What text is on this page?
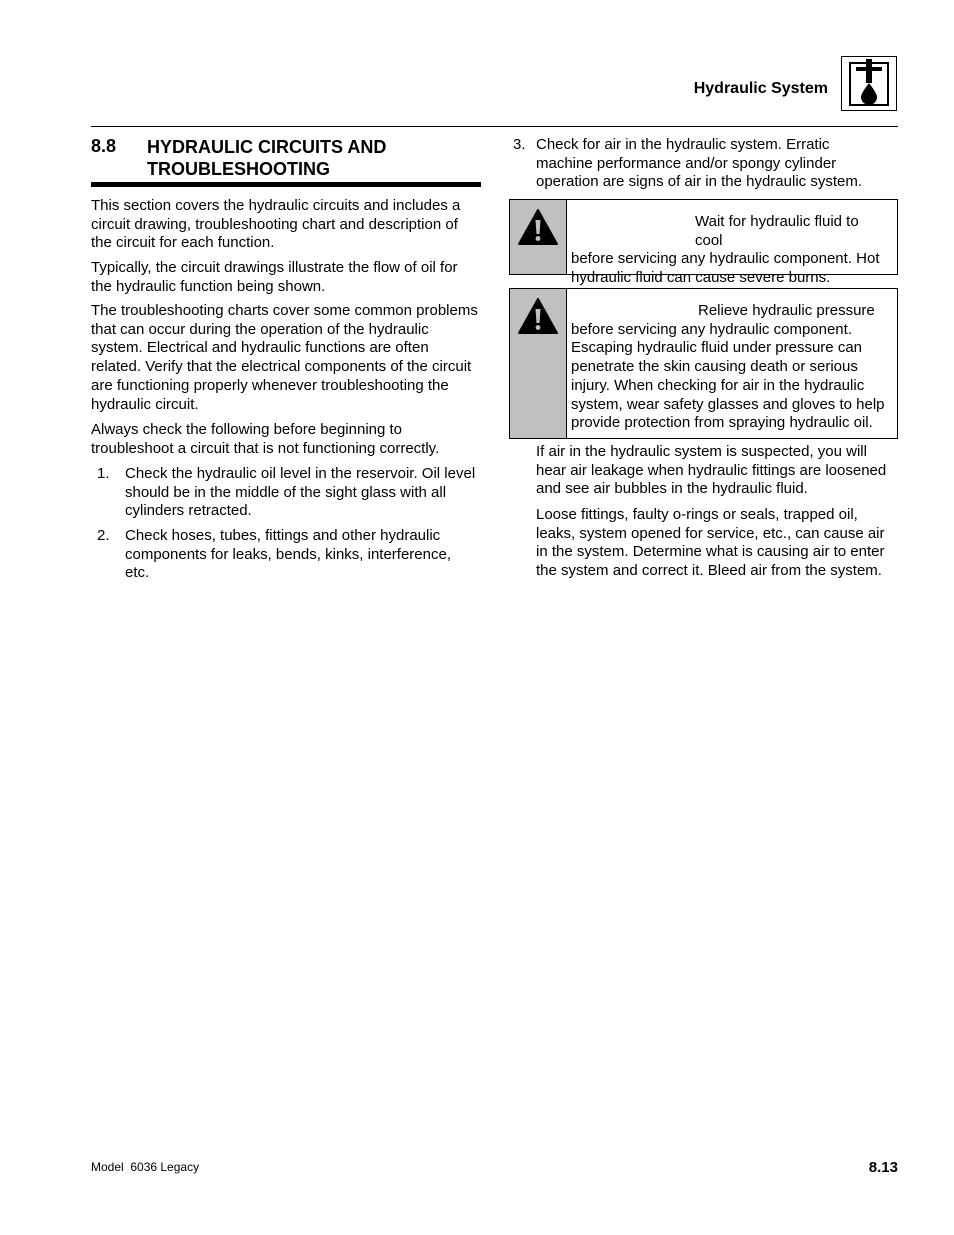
Hydraulic System
8.8 HYDRAULIC CIRCUITS AND TROUBLESHOOTING

This section covers the hydraulic circuits and includes a circuit drawing, troubleshooting chart and description of the circuit for each function.

Typically, the circuit drawings illustrate the flow of oil for the hydraulic function being shown.

The troubleshooting charts cover some common problems that can occur during the operation of the hydraulic system. Electrical and hydraulic functions are often related. Verify that the electrical components of the circuit are functioning properly whenever troubleshooting the hydraulic circuit.

Always check the following before beginning to troubleshoot a circuit that is not functioning correctly.

1. Check the hydraulic oil level in the reservoir. Oil level should be in the middle of the sight glass with all cylinders retracted.
2. Check hoses, tubes, fittings and other hydraulic components for leaks, bends, kinks, interference, etc.
3. Check for air in the hydraulic system. Erratic machine performance and/or spongy cylinder operation are signs of air in the hydraulic system.
Wait for hydraulic fluid to cool
before servicing any hydraulic component. Hot hydraulic fluid can cause severe burns.
Relieve hydraulic pressure
before servicing any hydraulic component. Escaping hydraulic fluid under pressure can penetrate the skin causing death or serious injury. When checking for air in the hydraulic system, wear safety glasses and gloves to help provide protection from spraying hydraulic oil.

If air in the hydraulic system is suspected, you will hear air leakage when hydraulic fittings are loosened and see air bubbles in the hydraulic fluid.

Loose fittings, faulty o-rings or seals, trapped oil, leaks, system opened for service, etc., can cause air in the system. Determine what is causing air to enter the system and correct it. Bleed air from the system.

Model  6036 Legacy	8.13
